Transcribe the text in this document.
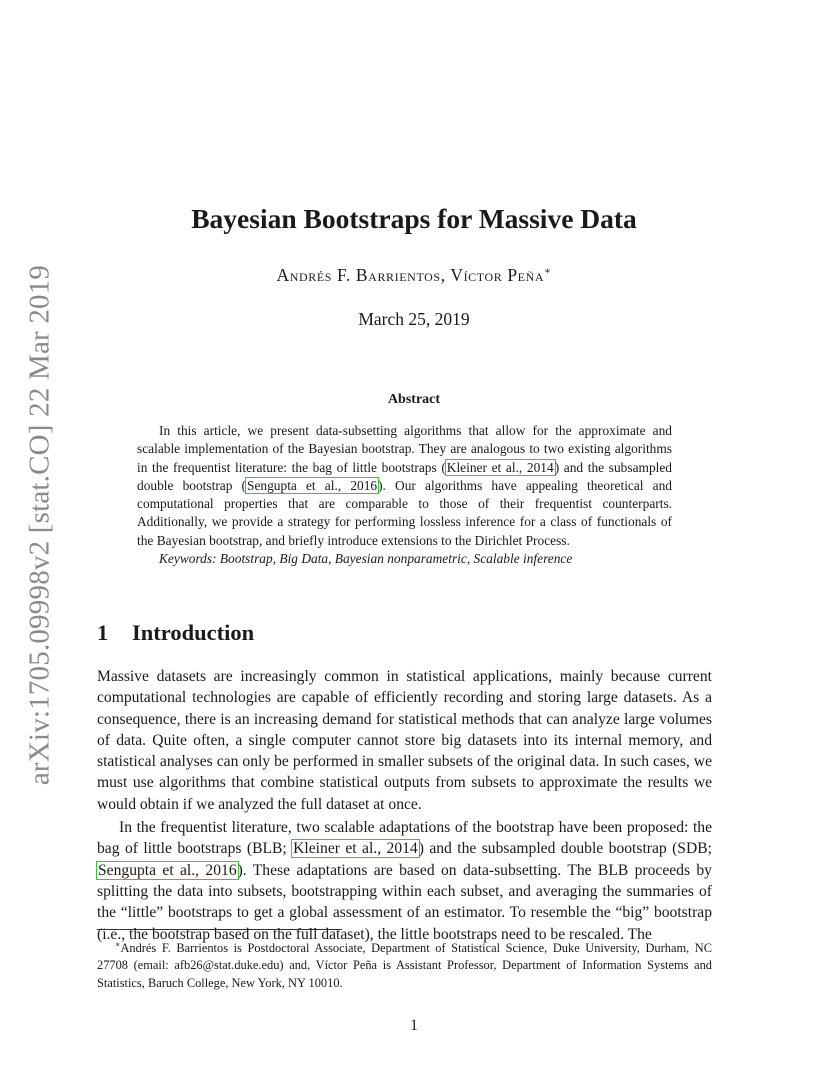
arXiv:1705.09998v2 [stat.CO] 22 Mar 2019
Bayesian Bootstraps for Massive Data
Andrés F. Barrientos, Víctor Peña∗
March 25, 2019
Abstract

In this article, we present data-subsetting algorithms that allow for the approximate and scalable implementation of the Bayesian bootstrap. They are analogous to two existing algorithms in the frequentist literature: the bag of little bootstraps (Kleiner et al., 2014) and the subsampled double bootstrap (Sengupta et al., 2016). Our algorithms have appealing theoretical and computational properties that are comparable to those of their frequentist counterparts. Additionally, we provide a strategy for performing lossless inference for a class of functionals of the Bayesian bootstrap, and briefly introduce extensions to the Dirichlet Process.

Keywords: Bootstrap, Big Data, Bayesian nonparametric, Scalable inference

1 Introduction

Massive datasets are increasingly common in statistical applications, mainly because current computational technologies are capable of efficiently recording and storing large datasets. As a consequence, there is an increasing demand for statistical methods that can analyze large volumes of data. Quite often, a single computer cannot store big datasets into its internal memory, and statistical analyses can only be performed in smaller subsets of the original data. In such cases, we must use algorithms that combine statistical outputs from subsets to approximate the results we would obtain if we analyzed the full dataset at once.

In the frequentist literature, two scalable adaptations of the bootstrap have been proposed: the bag of little bootstraps (BLB; Kleiner et al., 2014) and the subsampled double bootstrap (SDB; Sengupta et al., 2016). These adaptations are based on data-subsetting. The BLB proceeds by splitting the data into subsets, bootstrapping within each subset, and averaging the summaries of the “little” bootstraps to get a global assessment of an estimator. To resemble the “big” bootstrap (i.e., the bootstrap based on the full dataset), the little bootstraps need to be rescaled. The

∗Andrés F. Barrientos is Postdoctoral Associate, Department of Statistical Science, Duke University, Durham, NC 27708 (email: afb26@stat.duke.edu) and, Víctor Peña is Assistant Professor, Department of Information Systems and Statistics, Baruch College, New York, NY 10010.

1
